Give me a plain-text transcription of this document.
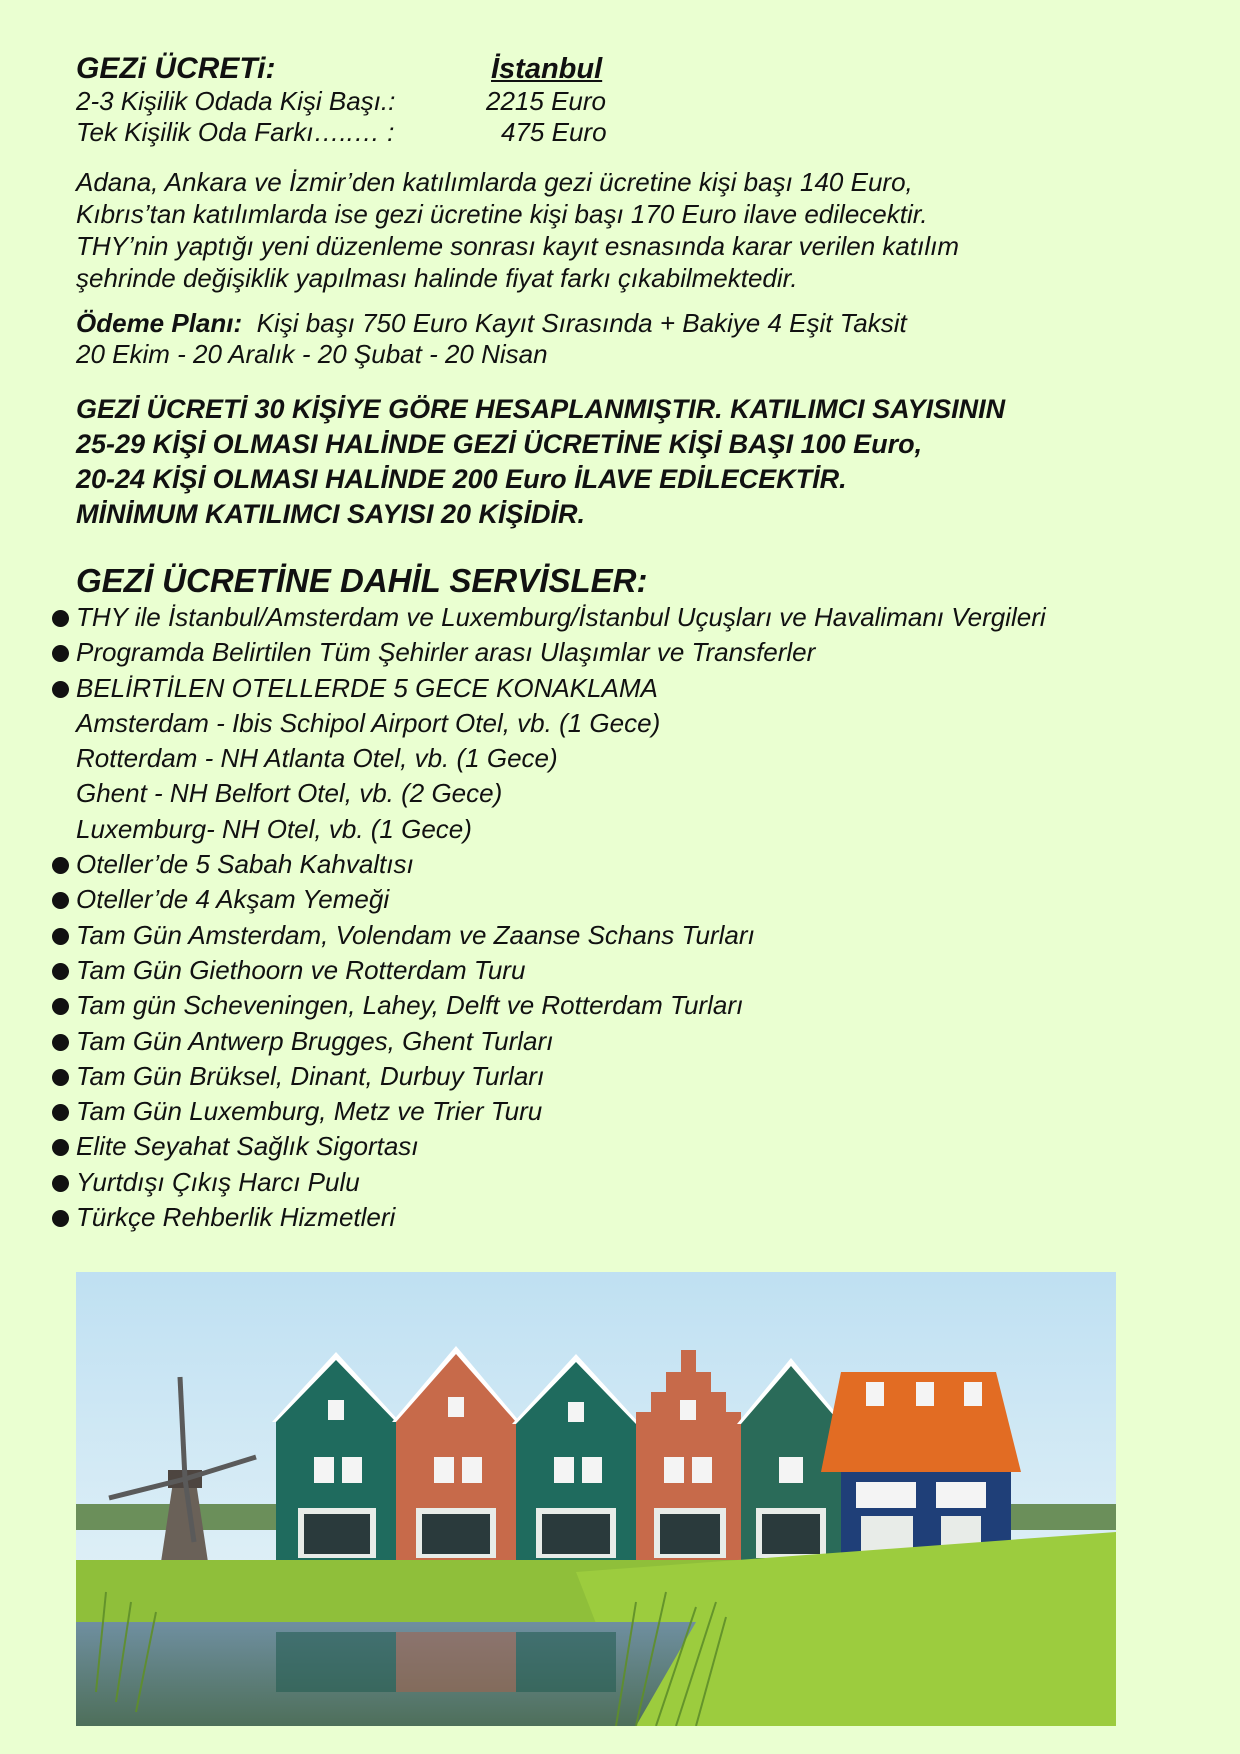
GEZi ÜCRETi:	İstanbul
2-3 Kişilik Odada Kişi Başı.:	2215 Euro
Tek Kişilik Oda Farkı…..… :	475 Euro
Adana, Ankara ve İzmir’den katılımlarda gezi ücretine kişi başı 140 Euro,
Kıbrıs’tan katılımlarda ise gezi ücretine kişi başı 170 Euro ilave edilecektir.
THY’nin yaptığı yeni düzenleme sonrası kayıt esnasında karar verilen katılım
şehrinde değişiklik yapılması halinde fiyat farkı çıkabilmektedir.
Ödeme Planı: Kişi başı 750 Euro Kayıt Sırasında + Bakiye 4 Eşit Taksit
20 Ekim - 20 Aralık - 20 Şubat - 20 Nisan
GEZİ ÜCRETİ 30 KİŞİYE GÖRE HESAPLANMIŞTIR. KATILIMCI SAYISININ
25-29 KİŞİ OLMASI HALİNDE GEZİ ÜCRETİNE KİŞİ BAŞI 100 Euro,
20-24 KİŞİ OLMASI HALİNDE 200 Euro İLAVE EDİLECEKTİR.
MİNİMUM KATILIMCI SAYISI 20 KİŞİDİR.
GEZİ ÜCRETİNE DAHİL SERVİSLER:
THY ile İstanbul/Amsterdam ve Luxemburg/İstanbul Uçuşları ve Havalimanı Vergileri
Programda Belirtilen Tüm Şehirler arası Ulaşımlar ve Transferler
BELİRTİLEN OTELLERDE 5 GECE KONAKLAMA
Amsterdam - Ibis Schipol Airport Otel, vb. (1 Gece)
Rotterdam - NH Atlanta Otel, vb. (1 Gece)
Ghent - NH Belfort Otel, vb. (2 Gece)
Luxemburg- NH Otel, vb. (1 Gece)
Oteller’de 5 Sabah Kahvaltısı
Oteller’de 4 Akşam Yemeği
Tam Gün Amsterdam, Volendam ve Zaanse Schans Turları
Tam Gün Giethoorn ve Rotterdam Turu
Tam gün Scheveningen, Lahey, Delft ve Rotterdam Turları
Tam Gün Antwerp Brugges, Ghent Turları
Tam Gün Brüksel, Dinant, Durbuy Turları
Tam Gün Luxemburg, Metz ve Trier Turu
Elite Seyahat Sağlık Sigortası
Yurtdışı Çıkış Harcı Pulu
Türkçe Rehberlik Hizmetleri
